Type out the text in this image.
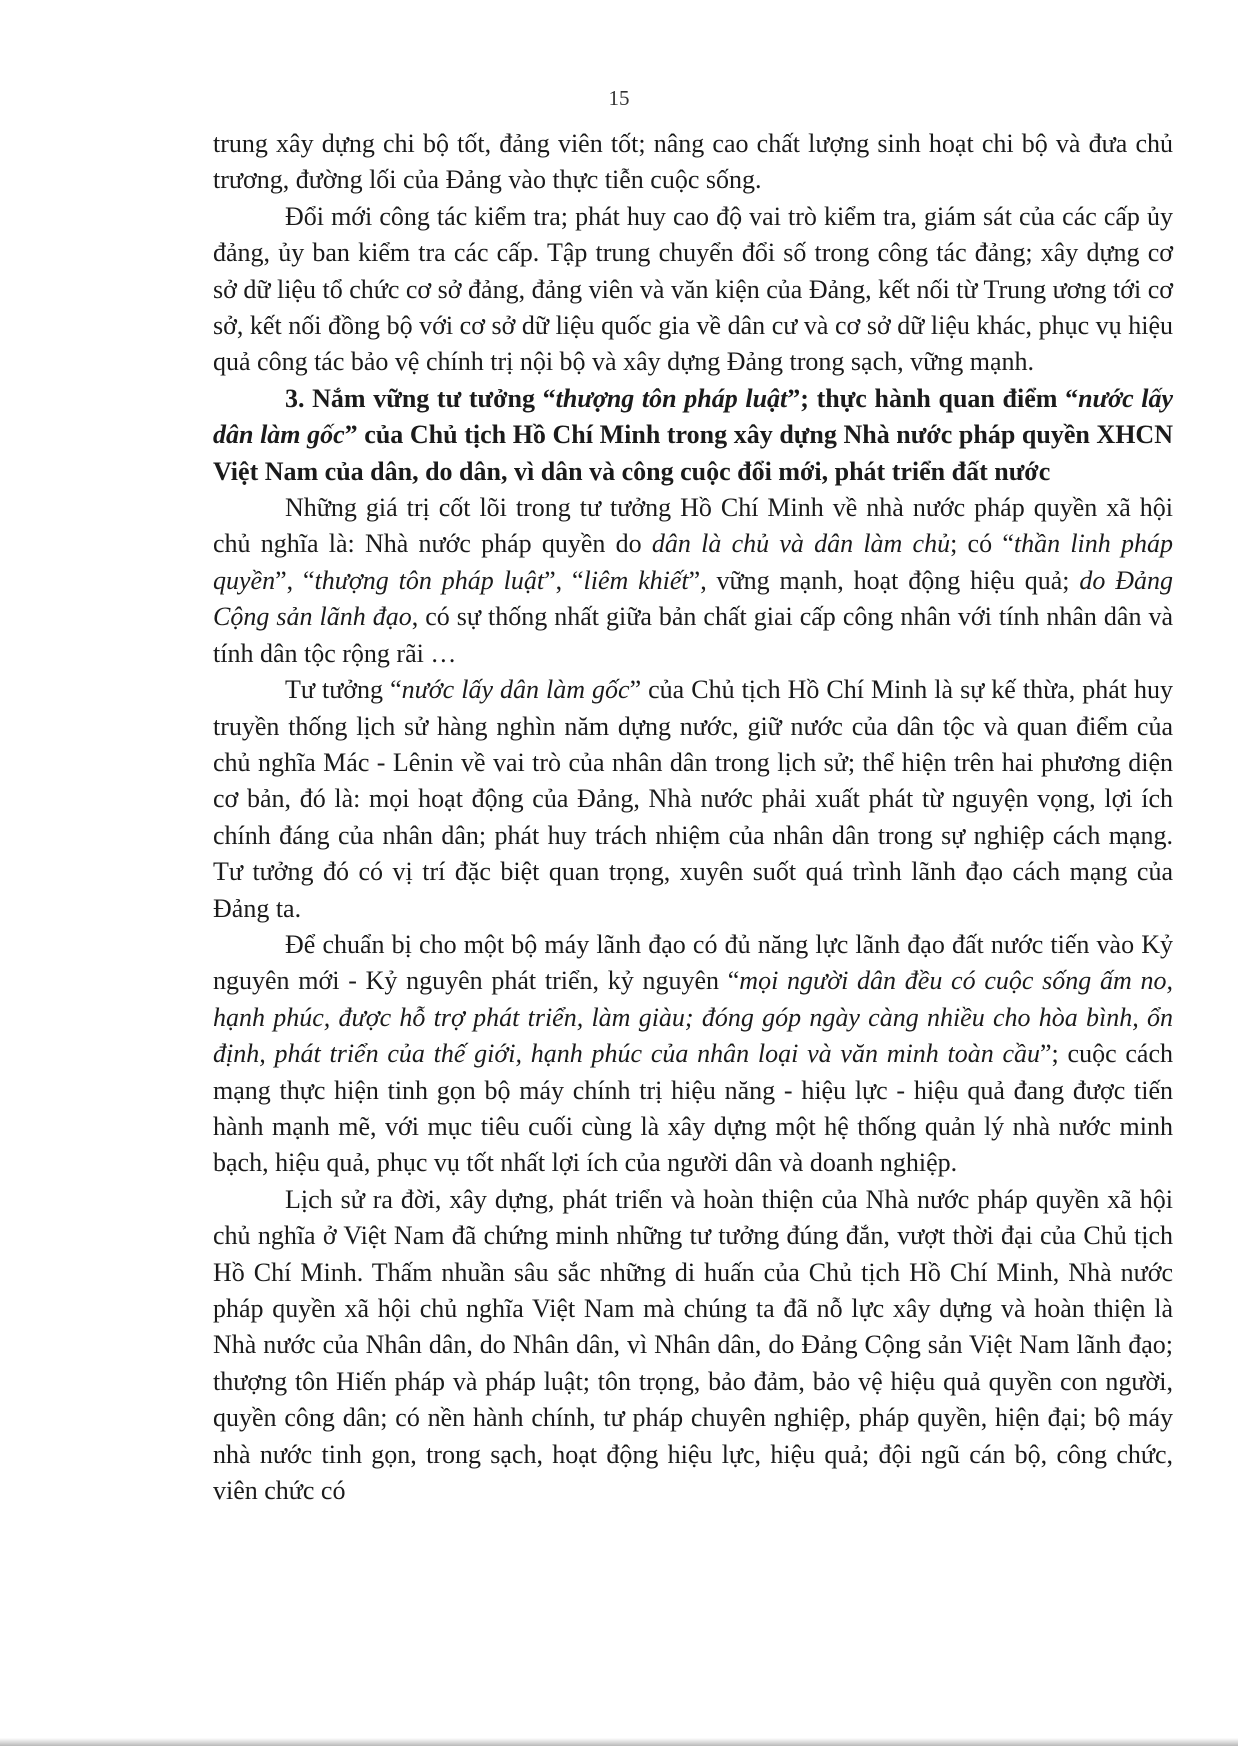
15

trung xây dựng chi bộ tốt, đảng viên tốt; nâng cao chất lượng sinh hoạt chi bộ và đưa chủ trương, đường lối của Đảng vào thực tiễn cuộc sống.

Đổi mới công tác kiểm tra; phát huy cao độ vai trò kiểm tra, giám sát của các cấp ủy đảng, ủy ban kiểm tra các cấp. Tập trung chuyển đổi số trong công tác đảng; xây dựng cơ sở dữ liệu tổ chức cơ sở đảng, đảng viên và văn kiện của Đảng, kết nối từ Trung ương tới cơ sở, kết nối đồng bộ với cơ sở dữ liệu quốc gia về dân cư và cơ sở dữ liệu khác, phục vụ hiệu quả công tác bảo vệ chính trị nội bộ và xây dựng Đảng trong sạch, vững mạnh.

3. Nắm vững tư tưởng “thượng tôn pháp luật”; thực hành quan điểm “nước lấy dân làm gốc” của Chủ tịch Hồ Chí Minh trong xây dựng Nhà nước pháp quyền XHCN Việt Nam của dân, do dân, vì dân và công cuộc đổi mới, phát triển đất nước

Những giá trị cốt lõi trong tư tưởng Hồ Chí Minh về nhà nước pháp quyền xã hội chủ nghĩa là: Nhà nước pháp quyền do dân là chủ và dân làm chủ; có “thần linh pháp quyền”, “thượng tôn pháp luật”, “liêm khiết”, vững mạnh, hoạt động hiệu quả; do Đảng Cộng sản lãnh đạo, có sự thống nhất giữa bản chất giai cấp công nhân với tính nhân dân và tính dân tộc rộng rãi …

Tư tưởng “nước lấy dân làm gốc” của Chủ tịch Hồ Chí Minh là sự kế thừa, phát huy truyền thống lịch sử hàng nghìn năm dựng nước, giữ nước của dân tộc và quan điểm của chủ nghĩa Mác - Lênin về vai trò của nhân dân trong lịch sử; thể hiện trên hai phương diện cơ bản, đó là: mọi hoạt động của Đảng, Nhà nước phải xuất phát từ nguyện vọng, lợi ích chính đáng của nhân dân; phát huy trách nhiệm của nhân dân trong sự nghiệp cách mạng. Tư tưởng đó có vị trí đặc biệt quan trọng, xuyên suốt quá trình lãnh đạo cách mạng của Đảng ta.

Để chuẩn bị cho một bộ máy lãnh đạo có đủ năng lực lãnh đạo đất nước tiến vào Kỷ nguyên mới - Kỷ nguyên phát triển, kỷ nguyên “mọi người dân đều có cuộc sống ấm no, hạnh phúc, được hỗ trợ phát triển, làm giàu; đóng góp ngày càng nhiều cho hòa bình, ổn định, phát triển của thế giới, hạnh phúc của nhân loại và văn minh toàn cầu”; cuộc cách mạng thực hiện tinh gọn bộ máy chính trị hiệu năng - hiệu lực - hiệu quả đang được tiến hành mạnh mẽ, với mục tiêu cuối cùng là xây dựng một hệ thống quản lý nhà nước minh bạch, hiệu quả, phục vụ tốt nhất lợi ích của người dân và doanh nghiệp.

Lịch sử ra đời, xây dựng, phát triển và hoàn thiện của Nhà nước pháp quyền xã hội chủ nghĩa ở Việt Nam đã chứng minh những tư tưởng đúng đắn, vượt thời đại của Chủ tịch Hồ Chí Minh. Thấm nhuần sâu sắc những di huấn của Chủ tịch Hồ Chí Minh, Nhà nước pháp quyền xã hội chủ nghĩa Việt Nam mà chúng ta đã nỗ lực xây dựng và hoàn thiện là Nhà nước của Nhân dân, do Nhân dân, vì Nhân dân, do Đảng Cộng sản Việt Nam lãnh đạo; thượng tôn Hiến pháp và pháp luật; tôn trọng, bảo đảm, bảo vệ hiệu quả quyền con người, quyền công dân; có nền hành chính, tư pháp chuyên nghiệp, pháp quyền, hiện đại; bộ máy nhà nước tinh gọn, trong sạch, hoạt động hiệu lực, hiệu quả; đội ngũ cán bộ, công chức, viên chức có
